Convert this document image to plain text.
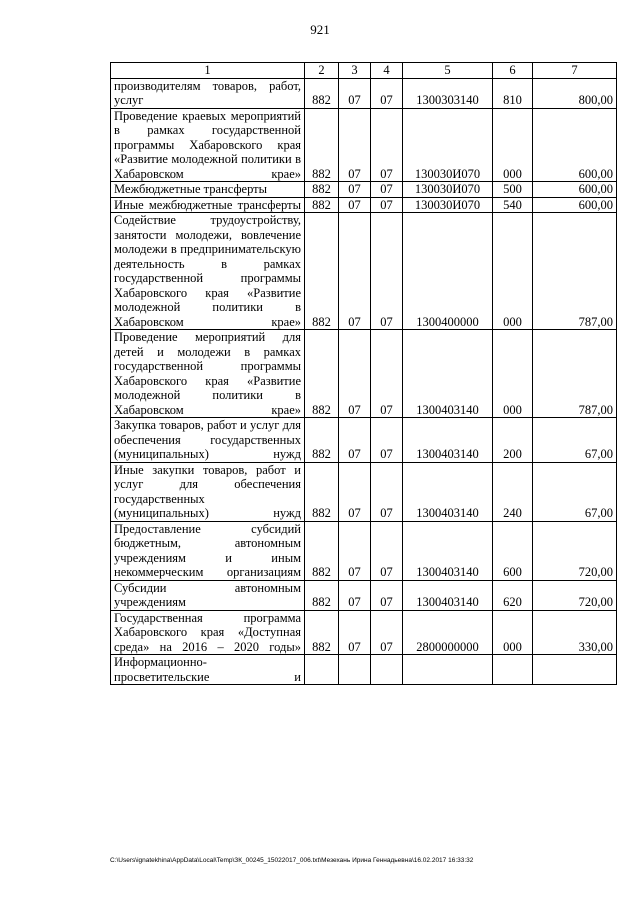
921
1	2	3	4	5	6	7
производителям товаров, работ, услуг	882	07	07	1300303140	810	800,00
Проведение краевых мероприятий в рамках государственной программы Хабаровского края «Развитие молодежной политики в Хабаровском крае»	882	07	07	130030И070	000	600,00
Межбюджетные трансферты	882	07	07	130030И070	500	600,00
Иные межбюджетные трансферты	882	07	07	130030И070	540	600,00
Содействие трудоустройству, занятости молодежи, вовлечение молодежи в предпринимательскую деятельность в рамках государственной программы Хабаровского края «Развитие молодежной политики в Хабаровском крае»	882	07	07	1300400000	000	787,00
Проведение мероприятий для детей и молодежи в рамках государственной программы Хабаровского края «Развитие молодежной политики в Хабаровском крае»	882	07	07	1300403140	000	787,00
Закупка товаров, работ и услуг для обеспечения государственных (муниципальных) нужд	882	07	07	1300403140	200	67,00
Иные закупки товаров, работ и услуг для обеспечения государственных (муниципальных) нужд	882	07	07	1300403140	240	67,00
Предоставление субсидий бюджетным, автономным учреждениям и иным некоммерческим организациям	882	07	07	1300403140	600	720,00
Субсидии автономным учреждениям	882	07	07	1300403140	620	720,00
Государственная программа Хабаровского края «Доступная среда» на 2016 – 2020 годы»	882	07	07	2800000000	000	330,00
Информационно-просветительские и						
C:\Users\ignatekhina\AppData\Local\Temp\ЗК_00245_15022017_006.txt\Мезехань Ирина Геннадьевна\16.02.2017 16:33:32
